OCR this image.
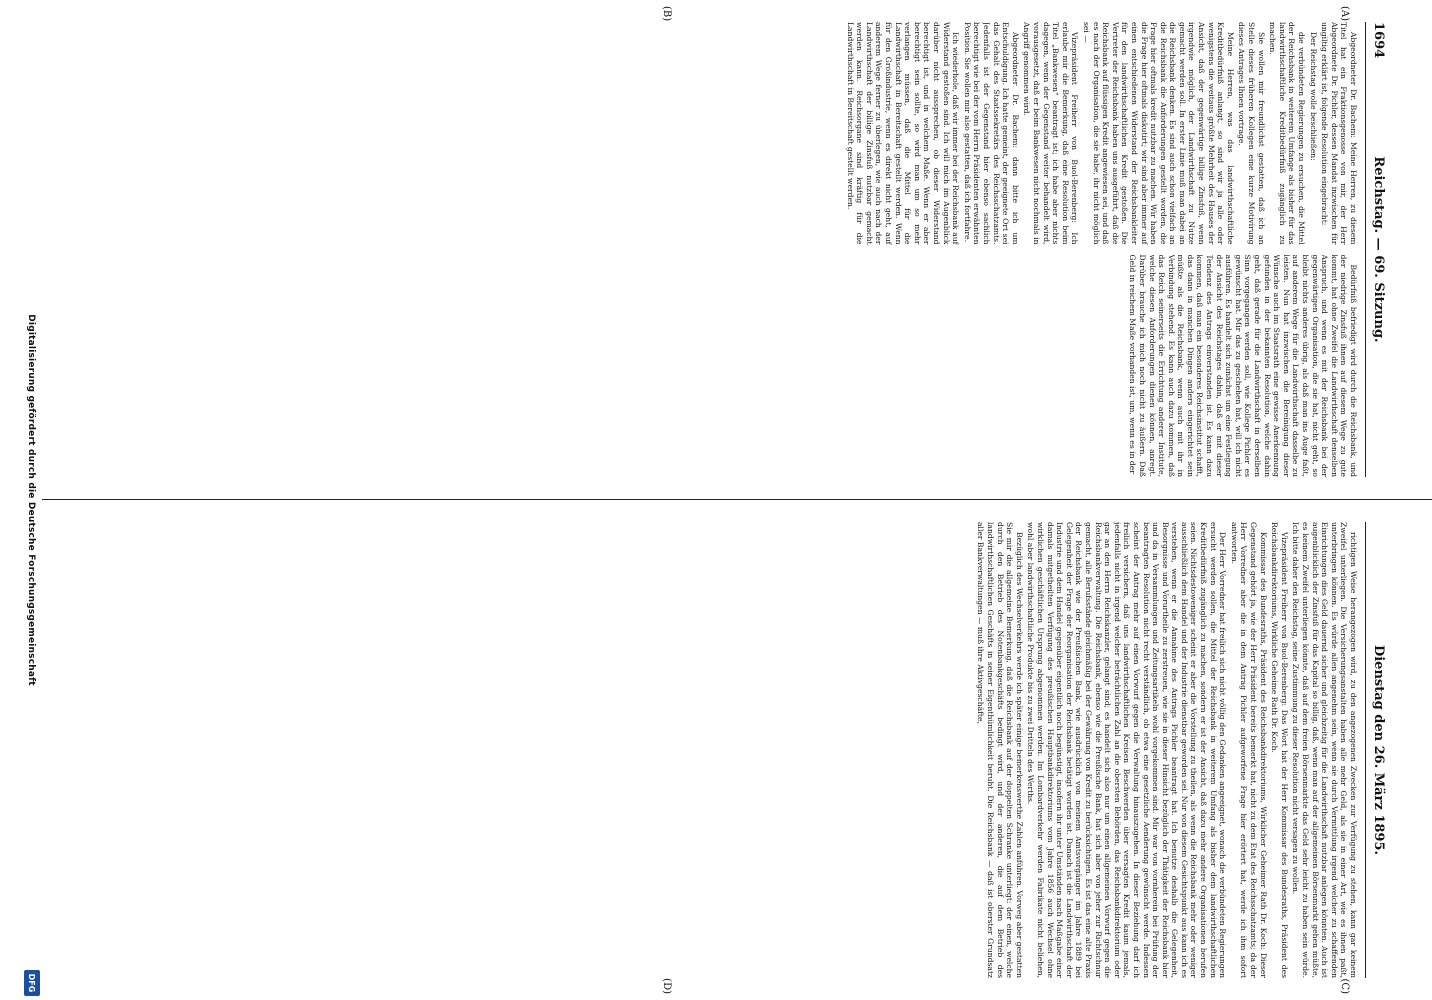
1694
Reichstag. — 69. Sitzung.
(A)
(B)

Abgeordneter Dr. Bachem: Meine Herren, zu diesem Titel hat ein Fraktionsgenosse von mir, der Herr Abgeordnete Dr. Pichler, dessen Mandat inzwischen für ungiltig erklärt ist, folgende Resolution eingebracht:

Der Reichstag wolle beschließen:

die verbündeten Regierungen zu ersuchen, die Mittel der Reichsbank in weiterem Umfange als bisher für das landwirthschaftliche Kreditbedürfniß zugänglich zu machen.

Sie wollen mir freundlichst gestatten, daß ich an Stelle dieses früheren Kollegen eine kurze Motivirung dieses Antrages Ihnen vortrage.

Meine Herren, was das landwirthschaftliche Kreditbedürfniß anlangt, so sind wir ja alle oder wenigstens die weitaus größte Mehrheit des Hauses der Ansicht, daß der gegenwärtige billige Zinsfuß, wenn irgendwie möglich, der Landwirthschaft zu Nutze gemacht werden soll. In erster Linie muß man dabei an die Reichsbank denken. Es sind auch schon vielfach an die Reichsbank die Anforderungen gestellt worden, die Frage hier oftmals kredit nutzbar zu machen. Wir haben die Frage hier oftmals diskutirt; wir sind aber immer auf einen entschiedenen Widerstand der Reichsbankleiter für den landwirthschaftlichen Kredit gestoßen. Die Vertreter der Reichsbank haben uns ausgeführt, daß die Reichsbank auf flüssigen Kredit angewiesen sei, und daß es nach der Organisation, die sie habe, ihr nicht möglich sei —

Vizepräsident Freiherr von Buol-Berenberg: Ich erlaube mir die Bemerkung, daß eine Resolution beim Titel „Bankwesen“ beantragt ist; ich habe aber nichts dagegen, wenn der Gegenstand weiter behandelt wird, vorausgesetzt, daß er beim Bankwesen nicht nochmals in Angriff genommen wird.

Abgeordneter Dr. Bachem: dann bitte ich um Entschuldigung. Ich hatte gemeint, der geeignete Ort sei das Gehalt des Staatssekretärs des Reichsschatzamts. Jedenfalls ist der Gegenstand hier ebenso sachlich berechtigt wie bei der vom Herrn Präsidenten erwähnten Position. Sie wollen mir also gestatten, daß ich fortfahre.

Ich wiederhole, daß wir immer bei der Reichsbank auf Widerstand gestoßen sind. Ich will mich im Augenblick darüber nicht aussprechen, ob dieser Widerstand berechtigt ist, und in welchem Maße. Wenn er aber berechtigt sein sollte, so wird man um so mehr verlangen müssen, daß die Mittel für die Landwirthschaft in Bereitschaft gestellt werden. Wenn für den Großindustrie, wenn es direkt nicht geht, auf anderem Wege ferner zu überlegen, wie auch nach der Landwirthschaft der billige Zinsfuß nutzbar gemacht werden kann. Reichsorgane sind kräftig für die Landwirthschaft in Bereitschaft gestellt werden.

Bedürfniß befriedigt wird durch die Reichsbank, und der niedrige Zinsfuß ihnen auf diesem Wege zu gute kommt, hat ohne Zweifel die Landwirthschaft denselben Anspruch, und wenn es mit der Reichsbank bei der gegenwärtigen Organisation, die sie hat, nicht geht, so bleibt nichts anderes übrig, als daß man ins Auge faßt, auf anderem Wege für die Landwirthschaft dasselbe zu leisten. Nun hat inzwischen die Bereinigung dieser Wünsche auch im Staatsrath eine gewisse Anerkennung gefunden in der bekannten Resolution, welche dahin geht, daß gerade für die Landwirthschaft in derselben Sinn vorgegangen werden soll, wie Kollege Pichler es gewünscht hat. Mir das zu geschehen hat, will ich nicht ausführen. Es handelt sich zunächst um eine Festlegung der Ansicht des Reichstages dahin, daß er mit dieser Tendenz des Antrags einverstanden ist. Es kann dazu kommen, daß man ein besonderes Reichsinstitut schafft, das dann in manchen Dingen anders eingerichtet sein müßte als die Reichsbank, wenn auch mit ihr in Verbindung stehend. Es kann auch dazu kommen, daß das Reich seinerseits die Errichtung anderer Institute, welche diesen Anforderungen dienen können, anregt. Darüber brauche ich mich noch nicht zu äußern. Daß Geld in reichem Maße vorhanden ist, um, wenn es in der

Dienstag den 26. März 1895.
(C)
(D)

richtigen Weise herangezogen wird, zu den angezogenen Zwecken zur Verfügung zu stehen, kann gar keinem Zweifel unterliegen. Die Versicherungsanstalten haben alle mehr Geld, als sie in einer Art, wie es ihnen paßt, unterbringen können. Es würde allen angenehm sein, wenn sie durch Vermittlung irgend welcher zu schaffenden Einrichtungen dies Geld dauernd sicher und gleichzeitig für die Landwirthschaft nutzbar anlegen könnten. Auch ist augenblicklich der Zinsfuß für das Kapital so billig, daß, wenn man auf der allgemeinen Börsenmarkt gehen müßte, es keinem Zweifel unterliegen könnte, daß auf dem freien Börsenmarkte das Geld sehr leicht zu haben sein würde. Ich bitte daher den Reichstag, seine Zustimmung zu dieser Resolution nicht versagen zu wollen.

Vizepräsident Freiherr von Buol-Berenberg: Das Wort hat der Herr Kommissar des Bundesraths, Präsident des Reichsbankdirektoriums, Wirkliche Geheime Rath Dr. Koch.

Kommissar des Bundesraths, Präsident des Reichsbankdirektoriums, Wirklicher Geheimer Rath Dr. Koch: Dieser Gegenstand gehört ja, wie der Herr Präsident bereits bemerkt hat, nicht zu dem Etat des Reichsschatzamts; da der Herr Vorredner aber die in dem Antrag Pichler aufgeworfene Frage hier erörtert hat, werde ich ihm sofort antworten.

Der Herr Vorredner hat freilich sich nicht völlig den Gedanken angeeignet, wonach die verbündeten Regierungen ersucht werden sollen, die Mittel der Reichsbank in weiterem Umfang als bisher dem landwirthschaftlichen Kreditbedürfniß zugänglich zu machen, sondern er ist der Ansicht, daß dazu mehr andere Organisationen berufen seien. Nichtsdestoweniger scheint er aber die Vorstellung zu theilen, als wenn die Reichsbank mehr oder weniger ausschließlich dem Handel und der Industrie dienstbar geworden sei. Nur von diesem Gesichtspunkt aus kann ich es verstehen, wenn er die Annahme des Antrags Pichler beantragt hat. Ich benutze deshalb die Gelegenheit, Besorgnisse und Vorurtheile zu zerstreuen, wie sie in dieser Hinsicht bezüglich der Thätigkeit der Reichsbank hier und da in Versammlungen und Zeitungsartikeln wohl vorgekommen sind. Mir war von vornherein bei Prüfung der beantragten Resolution nicht recht verständlich, ob etwa eine gesetzliche Aenderung gewünscht werde. Indessen scheint der Antrag mehr auf einen Vorwurf gegen die Verwaltung hinauszugehen. In dieser Beziehung darf ich freilich versichern, daß uns landwirthschaftlichen Kreisen Beschwerden über versagten Kredit kaum jemals, jedenfalls nicht in irgend welcher beträchtlichen Zahl an die obersten Behörden, das Reichsbankdirektorium oder gar an den Herrn Reichskanzler, gelangt sind; es handelt sich also nur um einen allgemeinen Vorwurf gegen die Reichsbankverwaltung. Die Reichsbank, ebenso wie die Preußische Bank, hat sich aber von jeher zur Richtschnur gemacht, alle Berufsstände gleichmäßig bei der Gewährung von Kredit zu berücksichtigen. Es ist das eine alte Praxis der Reichsbank wie der Preußischen Bank, wie ausdrücklich von meinem Amtsvorgänger im Jahre 1889 bei Gelegenheit der Frage der Reorganisation der Reichsbank betätigt worden ist. Danach ist die Landwirthschaft der Industrie und dem Handel gegenüber eigentlich noch begünstigt, insofern ihr unter Umständen nach Maßgabe einer damals mitgetheilten Verfügung des preußischen Hauptbankdirektoriums vom Jahre 1856 auch Wechsel ohne wirklichen geschäftlichen Ursprung abgenommen werden. Im Lombardverkehr werden Fabrikate nicht beliehen, wohl aber landwirthschaftliche Produkte bis zu zwei Dritteln des Werths.

Bezüglich des Wechselverkehrs werde ich später einige bemerkenswerthe Zahlen anführen. Vorweg aber gestatten Sie mir die allgemeine Bemerkung, daß die Reichsbank auf der doppelten Schranke unterliegt: der einen, welche durch den Betrieb des Notenbankgeschäfts bedingt wird, und der anderen, die auf dem Betrieb des landwirthschaftlichen Geschäfts in seiner Eigenthümlichkeit beruht. Die Reichsbank — daß ist oberster Grundsatz aller Bankverwaltungen — muß ihre Aktivgeschäfte,

Digitalisierung gefördert durch die Deutsche Forschungsgemeinschaft
DFG
